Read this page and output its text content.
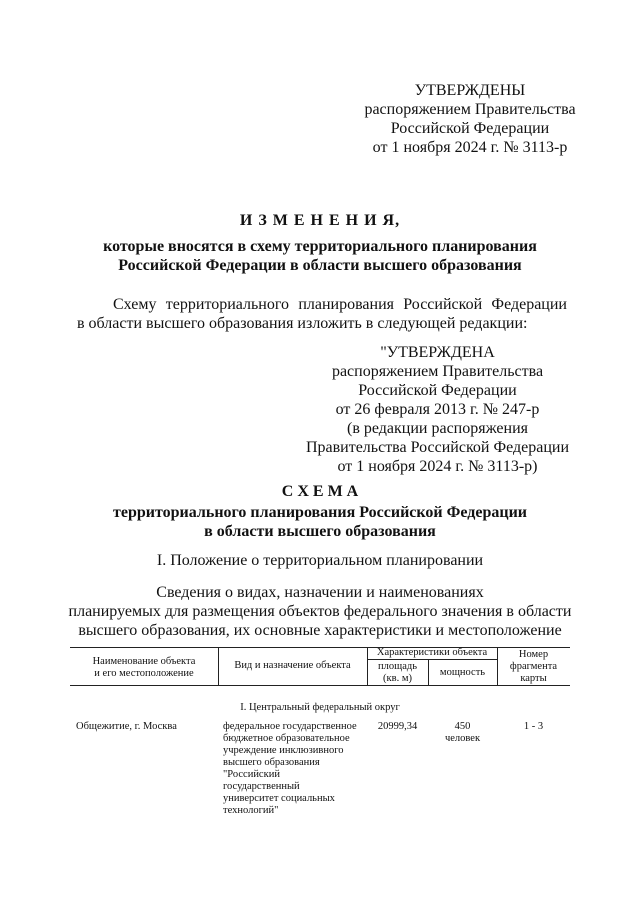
УТВЕРЖДЕНЫ
распоряжением Правительства
Российской Федерации
от 1 ноября 2024 г. № 3113-р
И З М Е Н Е Н И Я,
которые вносятся в схему территориального планирования
Российской Федерации в области высшего образования
Схему территориального планирования Российской Федерации
в области высшего образования изложить в следующей редакции:
"УТВЕРЖДЕНА
распоряжением Правительства
Российской Федерации
от 26 февраля 2013 г. № 247-р
(в редакции распоряжения
Правительства Российской Федерации
от 1 ноября 2024 г. № 3113-р)
С Х Е М А
территориального планирования Российской Федерации
в области высшего образования
I. Положение о территориальном планировании
Сведения о видах, назначении и наименованиях
планируемых для размещения объектов федерального значения в области
высшего образования, их основные характеристики и местоположение
Наименование объекта
и его местоположение
Вид и назначение объекта
Характеристики объекта
площадь
(кв. м)
мощность
Номер
фрагмента
карты
I. Центральный федеральный округ
Общежитие, г. Москва	федеральное государственное
бюджетное образовательное
учреждение инклюзивного
высшего образования
"Российский
государственный
университет социальных
технологий"
20999,34	450
человек
1 - 3
